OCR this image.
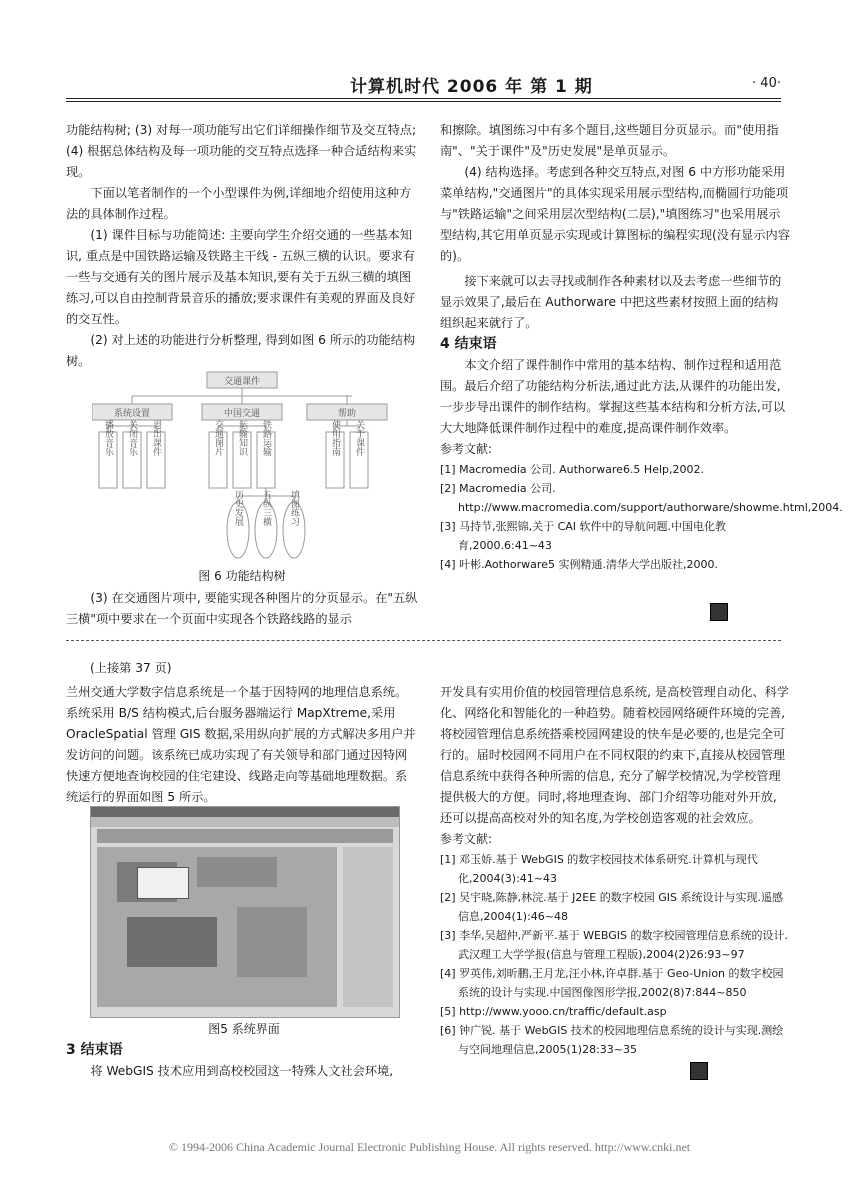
计算机时代 2006 年 第 1 期	· 40·

功能结构树; (3) 对每一项功能写出它们详细操作细节及交互特点; (4) 根据总体结构及每一项功能的交互特点选择一种合适结构来实现。

下面以笔者制作的一个小型课件为例,详细地介绍使用这种方法的具体制作过程。

(1) 课件目标与功能简述: 主要向学生介绍交通的一些基本知识, 重点是中国铁路运输及铁路主干线 - 五纵三横的认识。要求有一些与交通有关的图片展示及基本知识,要有关于五纵三横的填图练习,可以自由控制背景音乐的播放;要求课件有美观的界面及良好的交互性。

(2) 对上述的功能进行分析整理, 得到如图 6 所示的功能结构树。

交通课件
系统设置
播放音乐 关闭音乐 退出课件
中国交通
交通图片 运输知识 铁路运输
帮助
使用指南 关于课件
历史发展 五纵三横 填图练习
图 6 功能结构树

(3) 在交通图片项中, 要能实现各种图片的分页显示。在"五纵三横"项中要求在一个页面中实现各个铁路线路的显示

和擦除。填图练习中有多个题目,这些题目分页显示。而"使用指南"、"关于课件"及"历史发展"是单页显示。

(4) 结构选择。考虑到各种交互特点,对图 6 中方形功能采用菜单结构,"交通图片"的具体实现采用展示型结构,而椭圆行功能项与"铁路运输"之间采用层次型结构(二层),"填图练习"也采用展示型结构,其它用单页显示实现或计算图标的编程实现(没有显示内容的)。

接下来就可以去寻找或制作各种素材以及去考虑一些细节的显示效果了,最后在 Authorware 中把这些素材按照上面的结构组织起来就行了。

4 结束语

本文介绍了课件制作中常用的基本结构、制作过程和适用范围。最后介绍了功能结构分析法,通过此方法,从课件的功能出发,一步步导出课件的制作结构。掌握这些基本结构和分析方法,可以大大地降低课件制作过程中的难度,提高课件制作效率。

参考文献:

[1] Macromedia 公司. Authorware6.5 Help,2002.

[2] Macromedia 公司. http://www.macromedia.com/support/authorware/showme.html,2004.

[3] 马持节,张熙锦,关于 CAI 软件中的导航问题.中国电化教育,2000.6:41~43

[4] 叶彬.Aothorware5 实例精通.清华大学出版社,2000.

(上接第 37 页)

兰州交通大学数字信息系统是一个基于因特网的地理信息系统。系统采用 B/S 结构模式,后台服务器端运行 MapXtreme,采用 OracleSpatial 管理 GIS 数据,采用纵向扩展的方式解决多用户并发访问的问题。该系统已成功实现了有关领导和部门通过因特网快速方便地查询校园的住宅建设、线路走向等基础地理数据。系统运行的界面如图 5 所示。

图5 系统界面

3 结束语

将 WebGIS 技术应用到高校校园这一特殊人文社会环境,

开发具有实用价值的校园管理信息系统, 是高校管理自动化、科学化、网络化和智能化的一种趋势。随着校园网络硬件环境的完善, 将校园管理信息系统搭乘校园网建设的快车是必要的,也是完全可行的。届时校园网不同用户在不同权限的约束下,直接从校园管理信息系统中获得各种所需的信息, 充分了解学校情况,为学校管理提供极大的方便。同时,将地理查询、部门介绍等功能对外开放, 还可以提高高校对外的知名度,为学校创造客观的社会效应。

参考文献:

[1] 邓玉娇.基于 WebGIS 的数字校园技术体系研究.计算机与现代化,2004(3):41~43

[2] 吴宇晓,陈静,林浣.基于 J2EE 的数字校园 GIS 系统设计与实现.遥感信息,2004(1):46~48

[3] 李华,吴超仲,严新平.基于 WEBGIS 的数字校园管理信息系统的设计.武汉理工大学学报(信息与管理工程版),2004(2)26:93~97

[4] 罗英伟,刘昕鹏,王月龙,汪小林,许卓群.基于 Geo-Union 的数字校园系统的设计与实现.中国图像图形学报,2002(8)7:844~850

[5] http://www.yooo.cn/traffic/default.asp

[6] 钟广锐. 基于 WebGIS 技术的校园地理信息系统的设计与实现.测绘与空间地理信息,2005(1)28:33~35

© 1994-2006 China Academic Journal Electronic Publishing House. All rights reserved. http://www.cnki.net
